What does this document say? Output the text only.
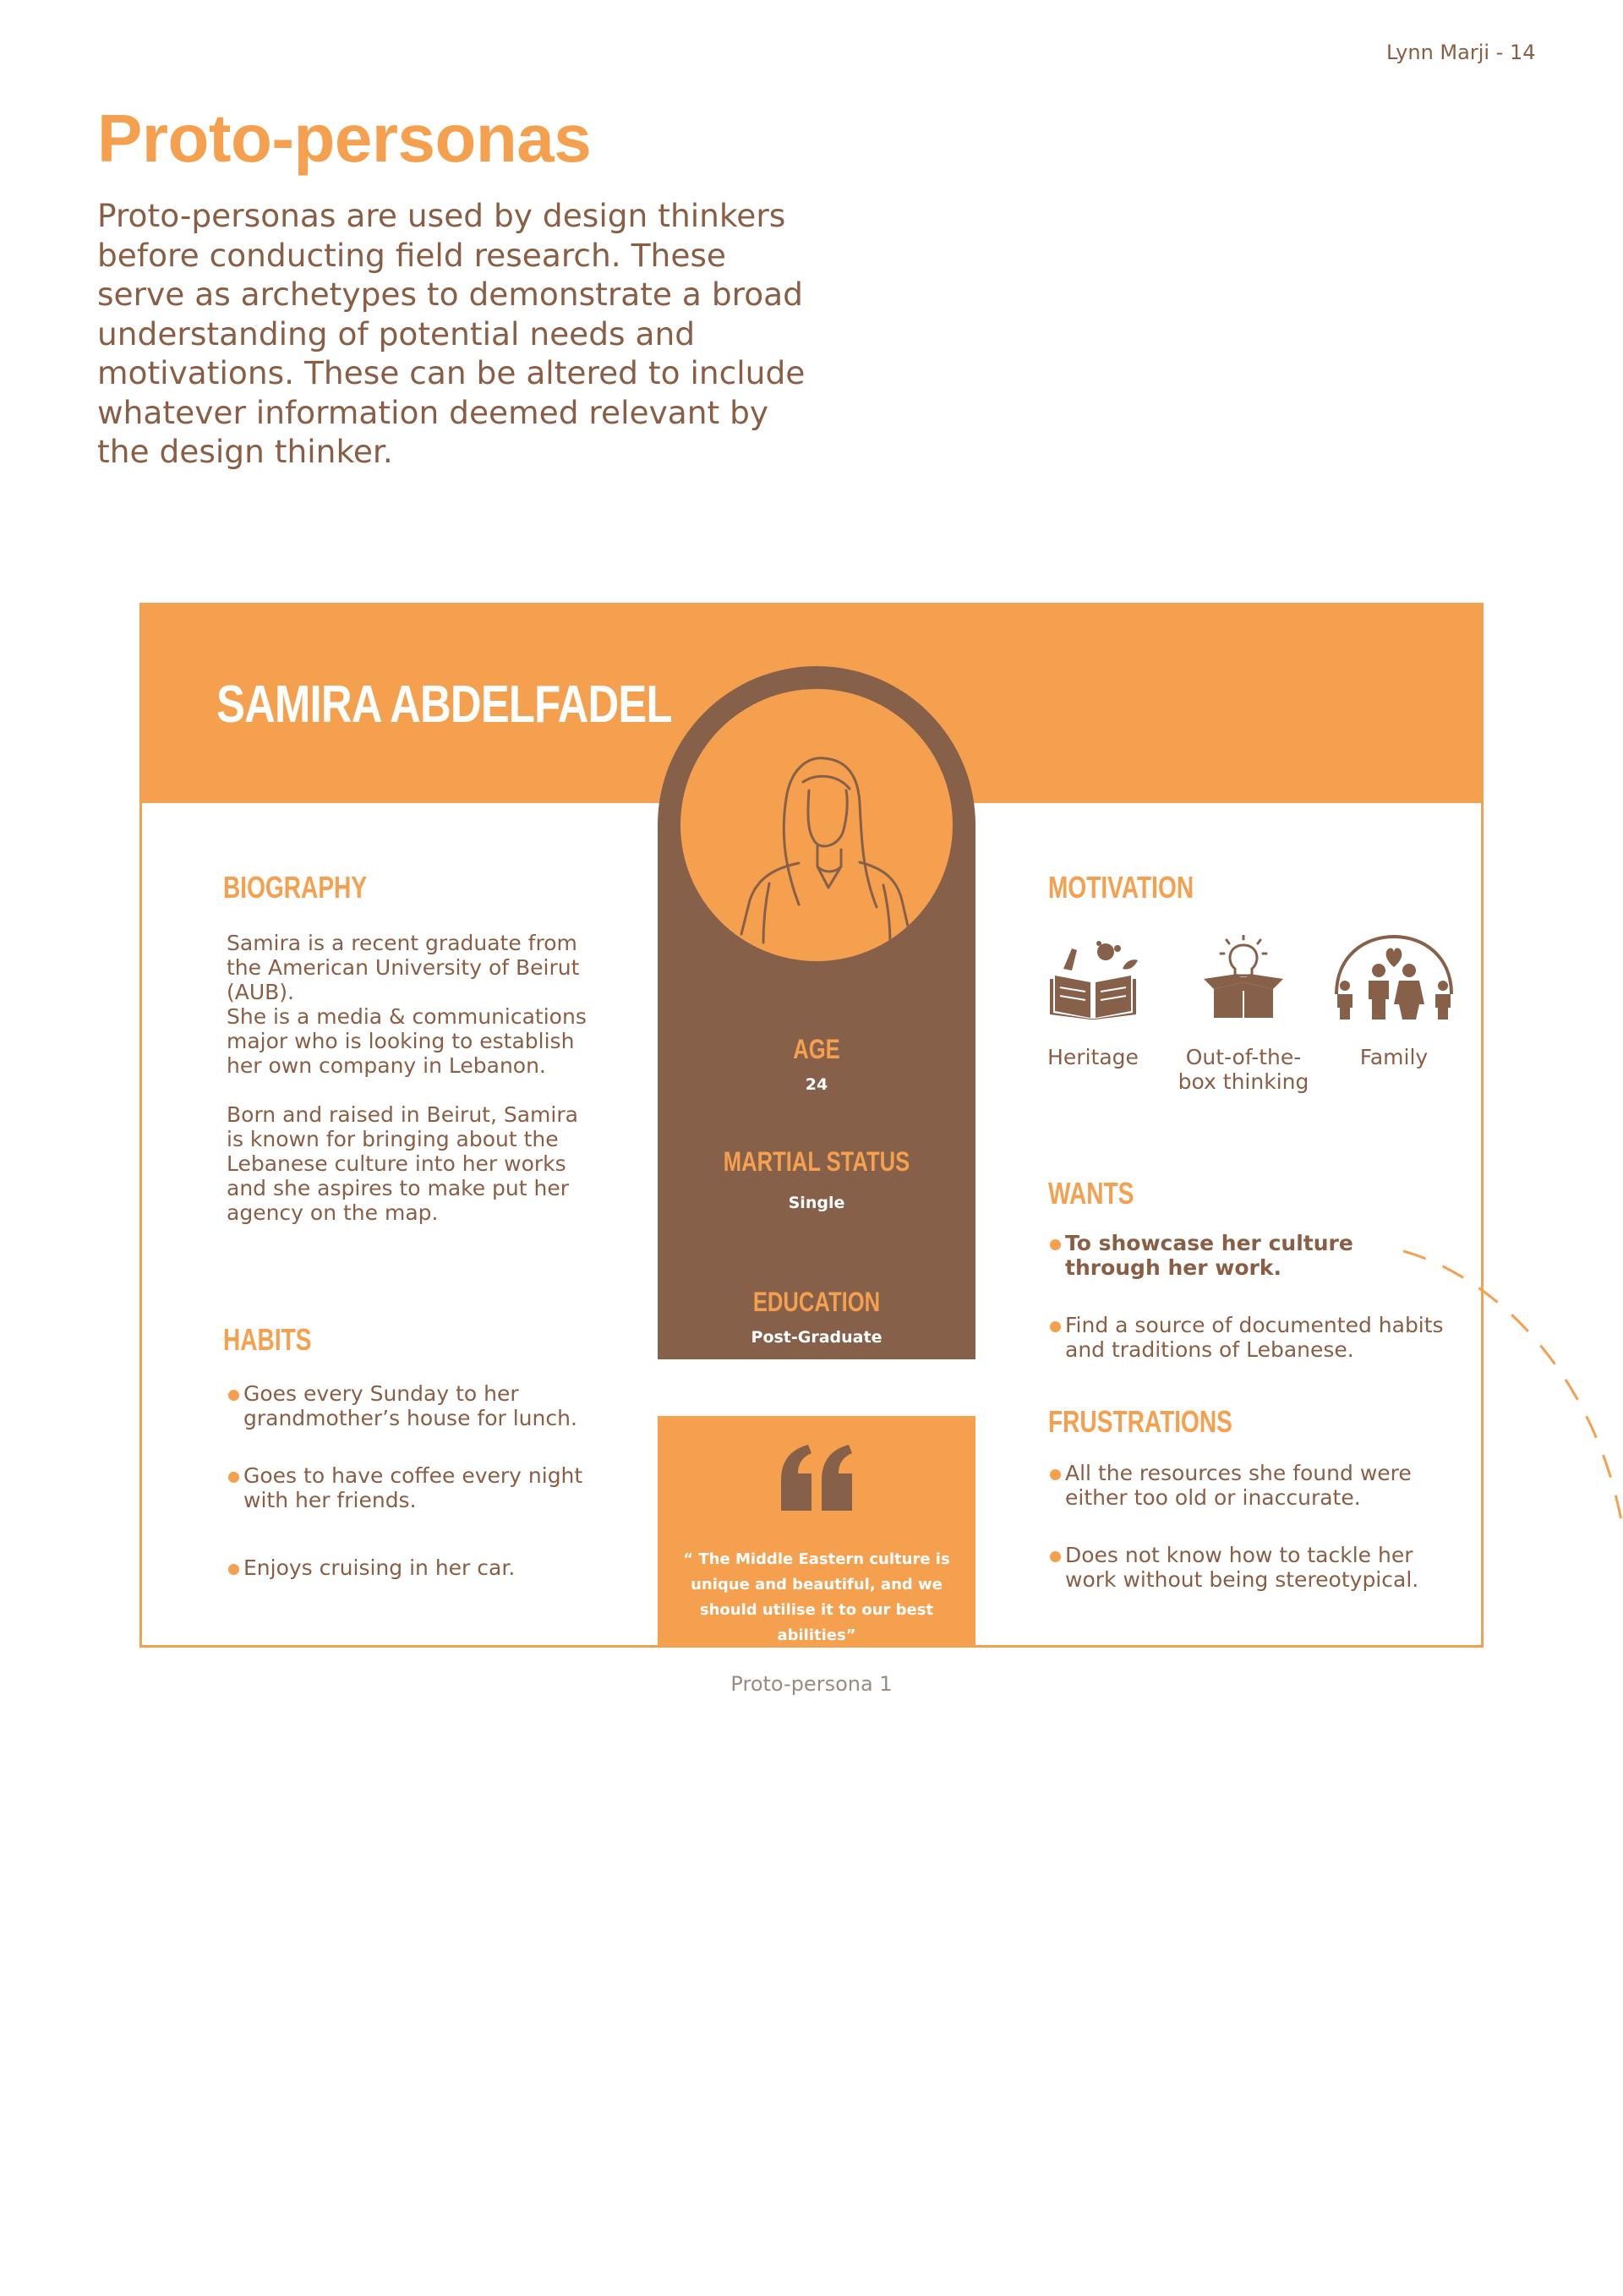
Lynn Marji - 14
Proto-personas
Proto-personas are used by design thinkers before conducting field research. These serve as archetypes to demonstrate a broad understanding of potential needs and motivations. These can be altered to include whatever information deemed relevant by the design thinker.
SAMIRA ABDELFADEL
AGE
24
MARTIAL STATUS
Single
EDUCATION
Post-Graduate
“ The Middle Eastern culture is unique and beautiful, and we should utilise it to our best abilities”
BIOGRAPHY
Samira is a recent graduate from the American University of Beirut (AUB).
She is a media & communications major who is looking to establish her own company in Lebanon.
Born and raised in Beirut, Samira is known for bringing about the Lebanese culture into her works and she aspires to make put her agency on the map.
HABITS
Goes every Sunday to her grandmother’s house for lunch.
Goes to have coffee every night with her friends.
Enjoys cruising in her car.
MOTIVATION
Heritage	Out-of-the-box thinking
Family
WANTS
To showcase her culture through her work.
Find a source of documented habits and traditions of Lebanese.
FRUSTRATIONS
All the resources she found were either too old or inaccurate.
Does not know how to tackle her work without being stereotypical.
Proto-persona 1
